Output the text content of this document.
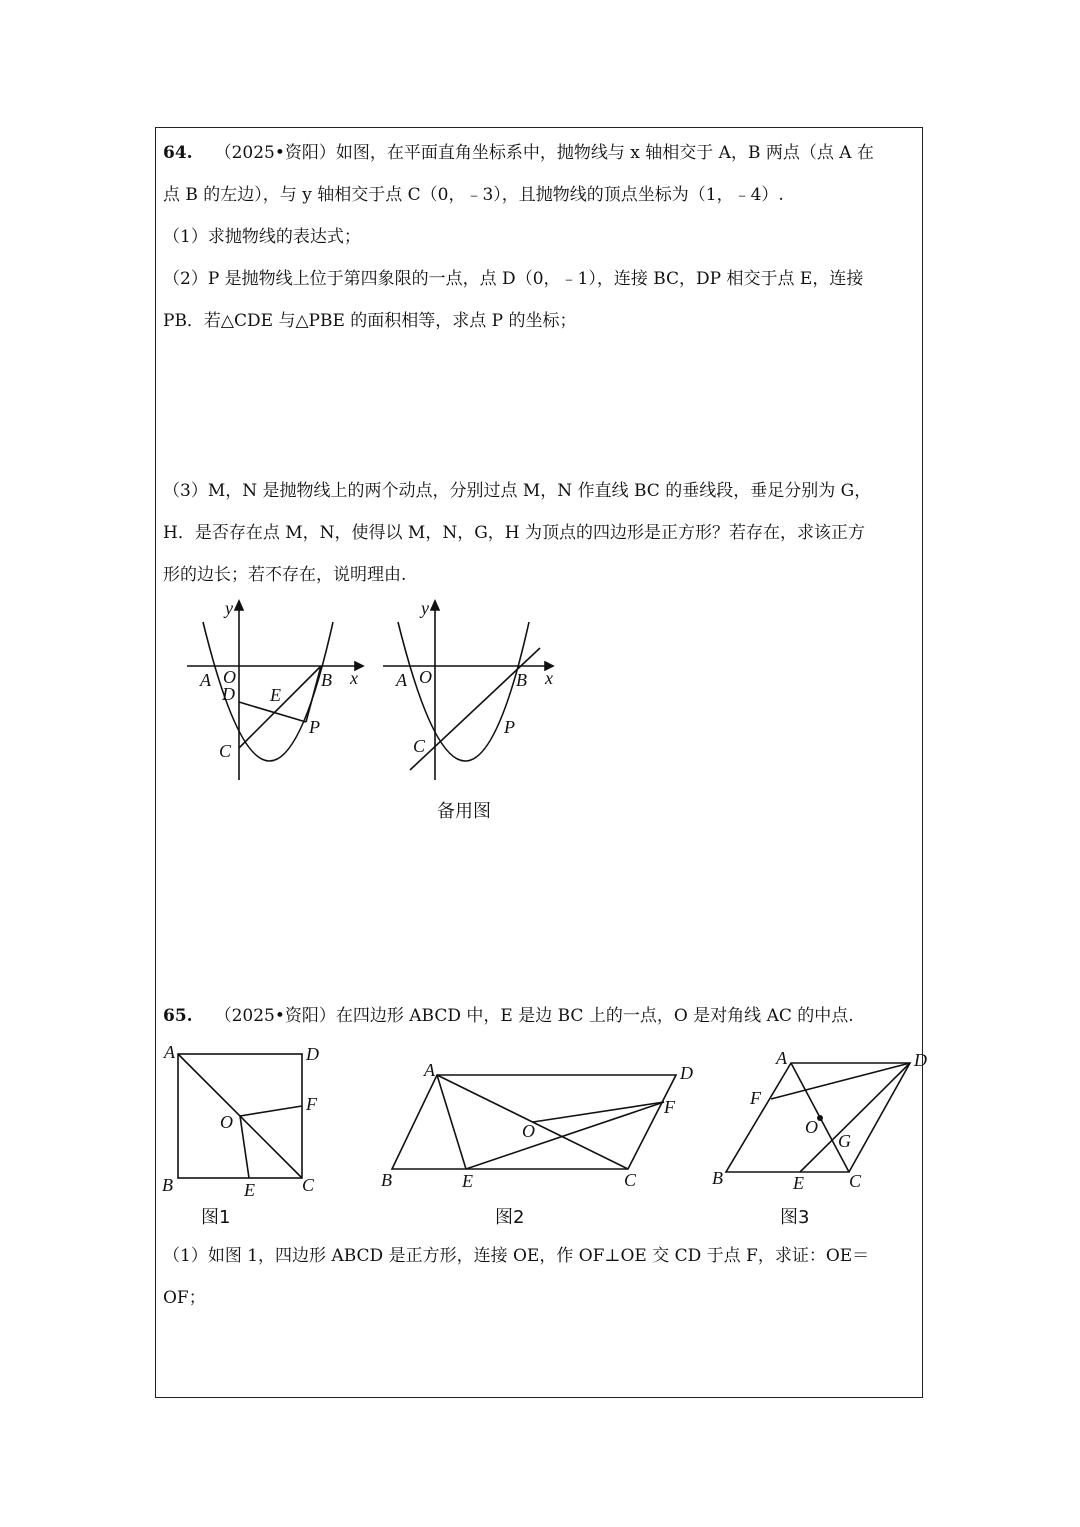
64. （2025•资阳）如图，在平面直角坐标系中，抛物线与 x 轴相交于 A，B 两点（点 A 在
点 B 的左边），与 y 轴相交于点 C（0，﹣3），且抛物线的顶点坐标为（1，﹣4）.
（1）求抛物线的表达式；
（2）P 是抛物线上位于第四象限的一点，点 D（0，﹣1），连接 BC，DP 相交于点 E，连接
PB．若△CDE 与△PBE 的面积相等，求点 P 的坐标；
（3）M，N 是抛物线上的两个动点，分别过点 M，N 作直线 BC 的垂线段，垂足分别为 G，
H．是否存在点 M，N，使得以 M，N，G，H 为顶点的四边形是正方形？若存在，求该正方
形的边长；若不存在，说明理由.
y
x
A O
D E
B
P
C
y
x
A O	B
P
C
备用图
65. （2025•资阳）在四边形 ABCD 中，E 是边 BC 上的一点，O 是对角线 AC 的中点.
A	D
F
O
B	E	C
图1
A	D
F
O
B	E	C
图2
A	D
F
O
G
B	E	C
图3
（1）如图 1，四边形 ABCD 是正方形，连接 OE，作 OF⊥OE 交 CD 于点 F，求证：OE＝
OF；
